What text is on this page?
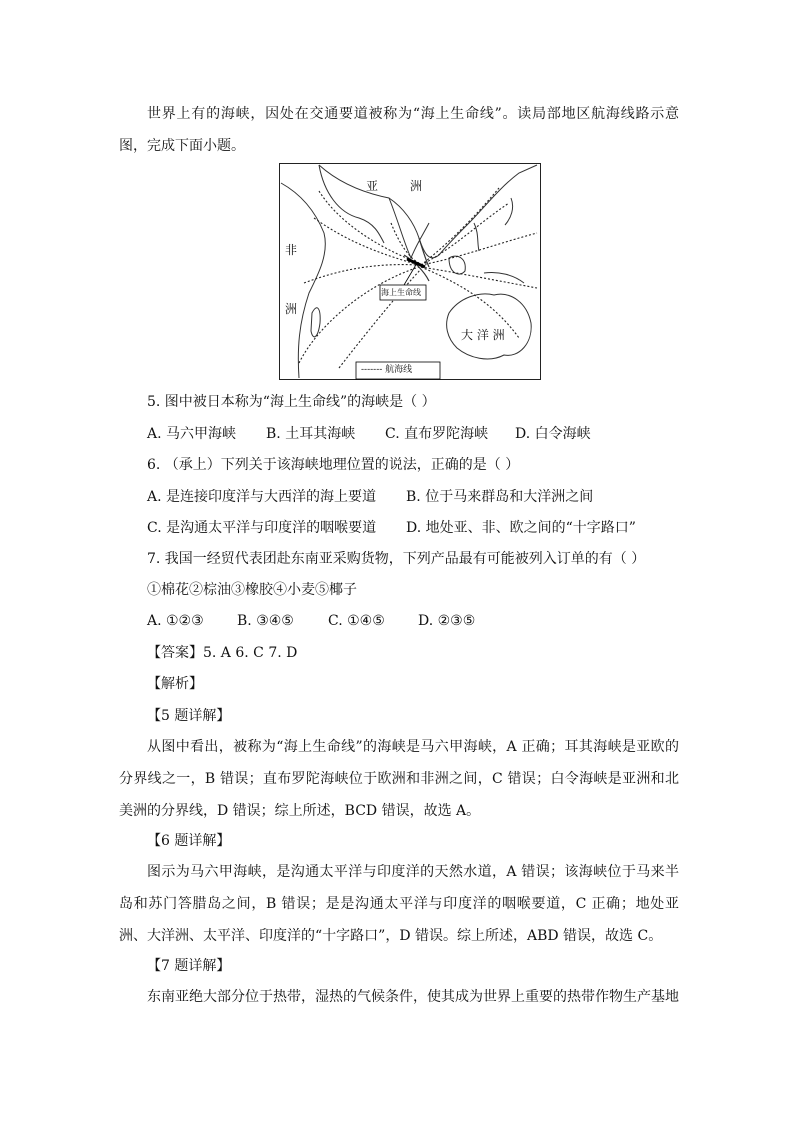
世界上有的海峡，因处在交通要道被称为“海上生命线”。读局部地区航海线路示意图，完成下面小题。
亚	洲
非
洲
大 洋 洲
海上生命线
------- 航海线
5. 图中被日本称为“海上生命线”的海峡是（ ）
A. 马六甲海峡 B. 土耳其海峡 C. 直布罗陀海峡 D. 白令海峡
6. （承上）下列关于该海峡地理位置的说法，正确的是（ ）
A. 是连接印度洋与大西洋的海上要道 B. 位于马来群岛和大洋洲之间
C. 是沟通太平洋与印度洋的咽喉要道 D. 地处亚、非、欧之间的“十字路口”
7. 我国一经贸代表团赴东南亚采购货物，下列产品最有可能被列入订单的有（ ）
①棉花②棕油③橡胶④小麦⑤椰子
A. ①②③ B. ③④⑤ C. ①④⑤ D. ②③⑤
【答案】5. A 6. C 7. D
【解析】
【5 题详解】
从图中看出，被称为“海上生命线”的海峡是马六甲海峡，A 正确；耳其海峡是亚欧的分界线之一，B 错误；直布罗陀海峡位于欧洲和非洲之间，C 错误；白令海峡是亚洲和北美洲的分界线，D 错误；综上所述，BCD 错误，故选 A。
【6 题详解】
图示为马六甲海峡，是沟通太平洋与印度洋的天然水道，A 错误；该海峡位于马来半岛和苏门答腊岛之间，B 错误；是是沟通太平洋与印度洋的咽喉要道，C 正确；地处亚洲、大洋洲、太平洋、印度洋的“十字路口”，D 错误。综上所述，ABD 错误，故选 C。
【7 题详解】
东南亚绝大部分位于热带，湿热的气候条件，使其成为世界上重要的热带作物生产基地
